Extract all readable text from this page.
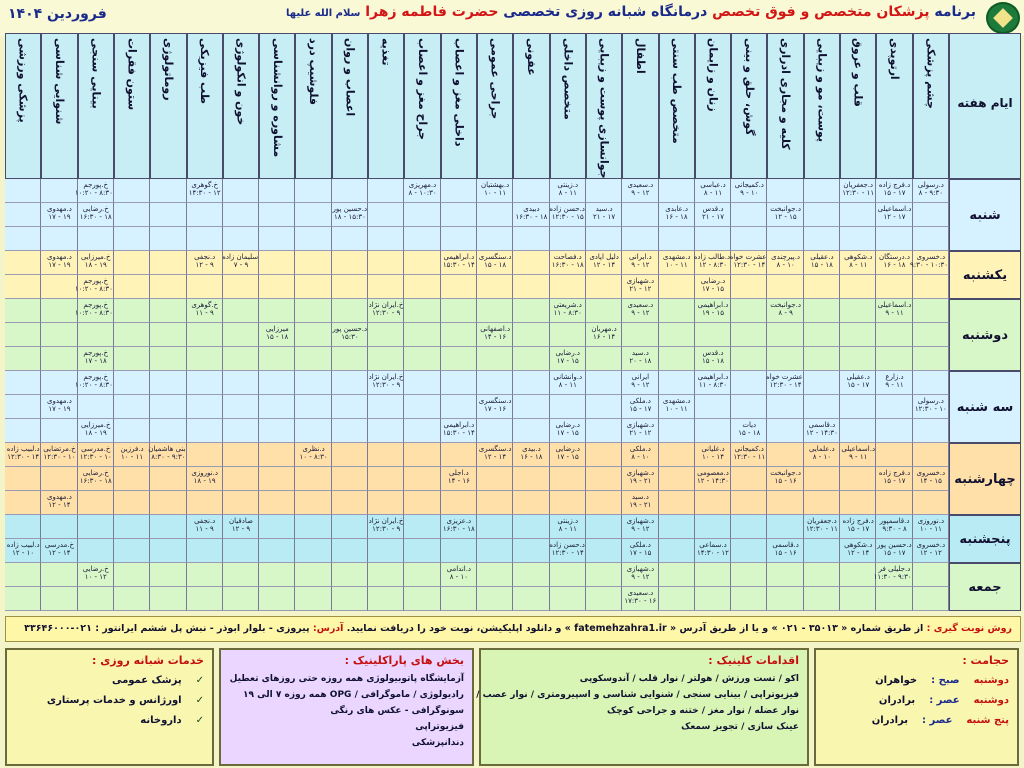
برنامه پزشکان متخصص و فوق تخصص درمانگاه شبانه روزی تخصصی حضرت فاطمه زهرا سلام الله علیها
فروردین ۱۴۰۴
ایام هفته
چشم پزشکی
ارتوپدی
قلب و عروق
پوست، مو و زیبایی
کلیه و مجاری ادراری
گوش، حلق و بینی
زنان و زایمان
متخصص طب سنتی
اطفال
جوانسازی پوست و زیبایی
متخصص داخلی
عفونی
جراحی عمومی
داخلی مغز و اعصاب
جراح مغز و اعصاب
تغذیه
اعصاب و روان
فلوشیپ درد
مشاوره و روانشناسی
خون و انکولوژی
طب فیزیکی
روماتولوژی
ستون فقرات
بینایی سنجی
شنوایی شناسی
پزشکی ورزشی
شنبه
یکشنبه
دوشنبه
سه شنبه
چهارشنبه
پنجشنبه
جمعه
د.رسولی
۹:۳۰ - ۸
د.فرج زاده
۱۷ - ۱۵
د.جعفریان
۱۱ - ۱۲:۳۰
د.کمیجانی
۱۰ - ۹
د.عباسی
۱۱ - ۸
د.سعیدی
۱۲ - ۹
د.زینتی
۱۱ - ۸
د.بهشتیان
۱۱ - ۱۰
د.مهرپزی
۱۰:۳۰ - ۸
خ.گوهری
۱۲ - ۱۴:۳۰
خ.پورجم
۸:۳۰ - ۱۰:۲۰
د.مهدوی
۱۹ - ۱۷
د.اسماعیلی
۱۷ - ۱۲
د.جوانبخت
۱۵ - ۱۲
د.قدس
۱۷ - ۲۱
د.عابدی
۱۸ - ۱۶
د.سید
۱۷ - ۲۱
د.حسن زاده
۱۵ - ۱۲:۳۰
دبیدی
۱۸ - ۱۶:۳۰
د.حسین پور
۱۵:۳۰ - ۱۸
خ.رضایی
۱۸ - ۱۶:۳۰
د.خسروی
۱۰:۳۰ - ۹:۳۰
د.درستگان
۱۸ - ۱۶
د.شکوهی
۱۱ - ۸
د.عقیلی
۱۸ - ۱۵
د.پیرچندی
۱۰ - ۸
عشرت خواه
۱۴ - ۱۲:۳۰
د.طالب زاده
۸:۳۰ - ۱۲
د.مشهدی
۱۱ - ۱۰
د.ایرانی
۱۲ - ۹
دلیل اپادی
۱۴ - ۱۲
د.فصاحت
۱۸ - ۱۶:۳۰
د.سنگسری
۱۸ - ۱۵
د.ابراهیمی
۱۴ - ۱۵:۳۰
سلیمان زاده
۹ - ۷
د.نجفی
۹ - ۱۲
د.مهدوی
۱۹ - ۱۷
خ.میرزایی
۱۹ - ۱۸
د.رضایی
۱۵ - ۱۷
د.شهبازی
۱۲ - ۲۱
خ.پورجم
۸:۳۰ - ۱۰:۲۰
د.اسماعیلی
۱۱ - ۹
د.جوانبخت
۹ - ۸
د.ابراهیمی
۱۵ - ۱۹
د.سعیدی
۱۲ - ۹
د.شریعتی
۸:۳۰ - ۱۱
خ.ایران نژاد
۹ - ۱۲:۳۰
خ.گوهری
۹ - ۱۱
خ.پورجم
۸:۳۰ - ۱۰:۲۰
د.مهریان
۱۴ - ۱۶
د.اصفهانی
۱۶ - ۱۴
د.حسین پور
۱۵:۳۰
میرزایی
۱۸ - ۱۵
د.قدس
۱۸ - ۱۵
د.سید
۱۸ - ۲۰
د.رضایی
۱۵ - ۱۷
خ.پورجم
۱۸ - ۱۷
د.زارع
۱۱ - ۹
د.عقیلی
۱۷ - ۱۵
عشرت خواه
۱۴ - ۱۲:۳۰
د.ابراهیمی
۸:۳۰ - ۱۱
ایرانی
۱۲ - ۹
د.وانشانی
۱۱ - ۸
خ.ایران نژاد
۹ - ۱۲:۳۰
خ.پورجم
۸:۳۰ - ۱۰:۲۰
د.رسولی
۱۰ - ۱۲:۳۰
د.مشهدی
۱۱ - ۱۰
د.ملکی
۱۷ - ۱۵
د.سنگسری
۱۶ - ۱۷
د.مهدوی
۱۹ - ۱۷
د.قاسمی
۱۴:۳۰ - ۱۲
دیات
۱۸ - ۱۵
د.شهبازی
۱۲ - ۲۱
د.رضایی
۱۵ - ۱۷
د.ابراهیمی
۱۴ - ۱۵:۳۰
خ.میرزایی
۱۹ - ۱۸
د.اسماعیلی
۱۱ - ۹
د.علمایی
۱۰ - ۸
د.کمیجانی
۱۱ - ۱۲:۳۰
د.غلیانی
۱۴ - ۱۰
د.ملکی
۱۰ - ۸
د.رضایی
۱۵ - ۱۷
د.بیدی
۱۸ - ۱۶
د.سنگسری
۱۴ - ۱۲
د.نظری
۸:۳۰ - ۱۰
بنی هاشمیان
۹:۳۰ - ۸:۳۰
د.فرزین
۱۱ - ۱۰
خ.مدرسی
۱۰ - ۱۲:۳۰
خ.مرتضایی
۱۰ - ۱۲:۳۰
د.لبیب زاده
۱۴ - ۱۲:۳۰
د.خسروی
۱۵ - ۱۴
د.فرج زاده
۱۷ - ۱۵
د.جوانبخت
۱۶ - ۱۵
د.معصومی
۱۴:۳۰ - ۱۲
د.شهبازی
۲۱ - ۱۹
د.اجلی
۱۶ - ۱۴
د.نوروزی
۱۹ - ۱۸
خ.رضایی
۱۸ - ۱۶:۳۰
د.سید
۲۱ - ۱۹
د.مهدوی
۱۴ - ۱۲
د.نوروزی
۱۱ - ۱۰
د.قاسمپور
۸ - ۹:۳۰
د.فرج زاده
۱۷ - ۱۵
د.جعفریان
۱۱ - ۱۲:۳۰
د.شهبازی
۱۲ - ۹
د.زینتی
۱۱ - ۸
د.عزیزی
۱۸ - ۱۶:۳۰
خ.ایران نژاد
۹ - ۱۲:۳۰
صادقیان
۹ - ۱۲
د.نجفی
۹ - ۱۱
د.شکوهی
۱۴ - ۱۲
د.خسروی
۱۲ - ۱۲
د.حسین پور
۱۷ - ۱۵
د.قاسمی
۱۶ - ۱۵
د.سماعی
۱۲ - ۱۴:۳۰
د.ملکی
۱۵ - ۱۷
د.حسن زاده
۱۴ - ۱۲:۳۰
خ.مدرسی
۱۴ - ۱۲
د.لبیب زاده
۱۰ - ۱۲
د.جلیلی فر
۹:۳۰ - ۱۱:۳۰
د.شهبازی
۱۲ - ۹
د.اندامی
۱۰ - ۸
خ.رضایی
۱۲ - ۱۰
د.سعیدی
۱۶ - ۱۷:۳۰
روش نوبت گیری : از طریق شماره « ۳۵۰۱۳ - ۰۲۱ » و یا از طریق آدرس « fatemehzahra1.ir » و دانلود اپلیکیشن، نوبت خود را دریافت نمایید. آدرس: پیروزی - بلوار ابوذر - نبش پل ششم ایرانتور : ۰۲۱-۳۳۶۴۶۰۰۰
حجامت :
دوشنبه
صبح :
خواهران
دوشنبه
عصر :
برادران
پنج شنبه
عصر :
برادران
اقدامات کلینیک :

اکو / تست ورزش / هولتر / نوار قلب / آندوسکوپی

فیزیوتراپی / بینایی سنجی / شنوایی شناسی و اسپیرومتری / نوار عصب /

نوار عضله / نوار مغز / ختنه و جراحی کوچک

عینک سازی / تجویز سمعک

بخش های پاراکلینیک :

آزمایشگاه پاتوبیولوژی همه روزه حتی روزهای تعطیل

رادیولوژی / ماموگرافی / OPG همه روزه ۷ الی ۱۹

سونوگرافی - عکس های رنگی

فیزیوتراپی

دندانپزشکی

خدمات شبانه روزی :
✓
پزشک عمومی
✓
اورژانس و خدمات پرستاری
✓
داروخانه
